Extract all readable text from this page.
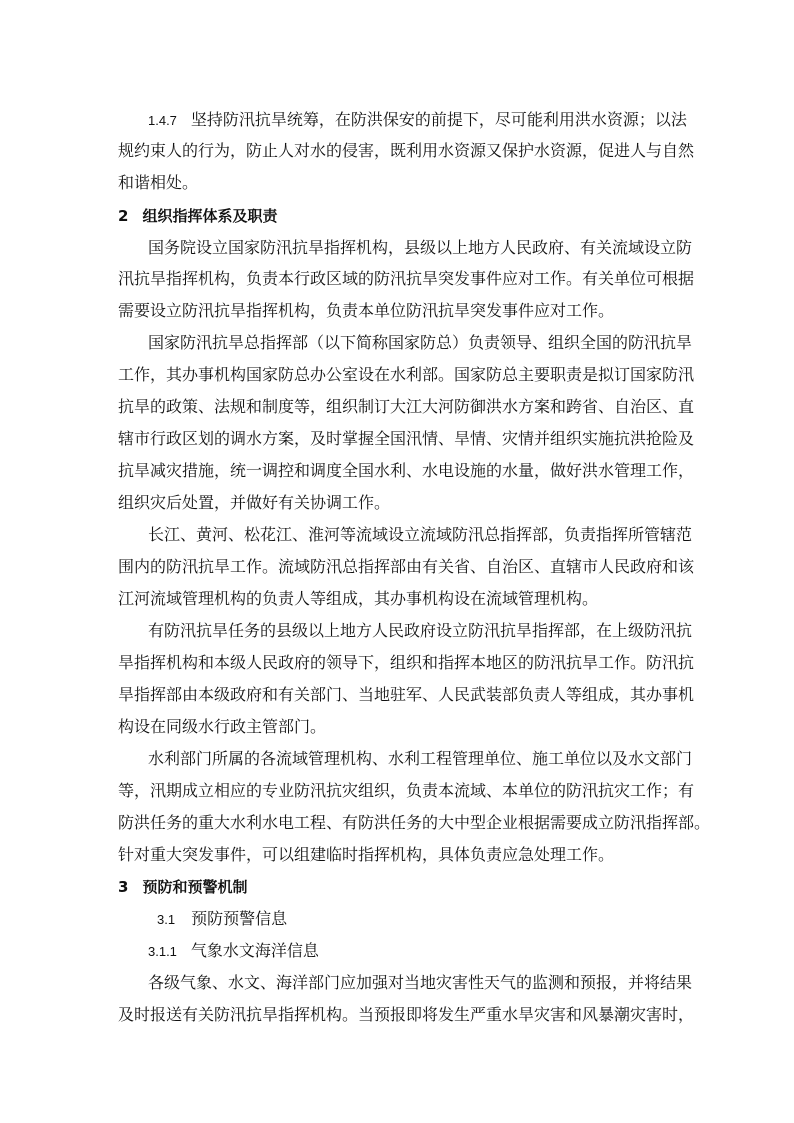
1.4.7 坚持防汛抗旱统筹，在防洪保安的前提下，尽可能利用洪水资源；以法
规约束人的行为，防止人对水的侵害，既利用水资源又保护水资源，促进人与自然
和谐相处。
2 组织指挥体系及职责
国务院设立国家防汛抗旱指挥机构，县级以上地方人民政府、有关流域设立防
汛抗旱指挥机构，负责本行政区域的防汛抗旱突发事件应对工作。有关单位可根据
需要设立防汛抗旱指挥机构，负责本单位防汛抗旱突发事件应对工作。
国家防汛抗旱总指挥部（以下简称国家防总）负责领导、组织全国的防汛抗旱
工作，其办事机构国家防总办公室设在水利部。国家防总主要职责是拟订国家防汛
抗旱的政策、法规和制度等，组织制订大江大河防御洪水方案和跨省、自治区、直
辖市行政区划的调水方案，及时掌握全国汛情、旱情、灾情并组织实施抗洪抢险及
抗旱减灾措施，统一调控和调度全国水利、水电设施的水量，做好洪水管理工作，
组织灾后处置，并做好有关协调工作。
长江、黄河、松花江、淮河等流域设立流域防汛总指挥部，负责指挥所管辖范
围内的防汛抗旱工作。流域防汛总指挥部由有关省、自治区、直辖市人民政府和该
江河流域管理机构的负责人等组成，其办事机构设在流域管理机构。
有防汛抗旱任务的县级以上地方人民政府设立防汛抗旱指挥部，在上级防汛抗
旱指挥机构和本级人民政府的领导下，组织和指挥本地区的防汛抗旱工作。防汛抗
旱指挥部由本级政府和有关部门、当地驻军、人民武装部负责人等组成，其办事机
构设在同级水行政主管部门。
水利部门所属的各流域管理机构、水利工程管理单位、施工单位以及水文部门
等，汛期成立相应的专业防汛抗灾组织，负责本流域、本单位的防汛抗灾工作；有
防洪任务的重大水利水电工程、有防洪任务的大中型企业根据需要成立防汛指挥部。
针对重大突发事件，可以组建临时指挥机构，具体负责应急处理工作。
3 预防和预警机制
3.1 预防预警信息
3.1.1 气象水文海洋信息
各级气象、水文、海洋部门应加强对当地灾害性天气的监测和预报，并将结果
及时报送有关防汛抗旱指挥机构。当预报即将发生严重水旱灾害和风暴潮灾害时，
